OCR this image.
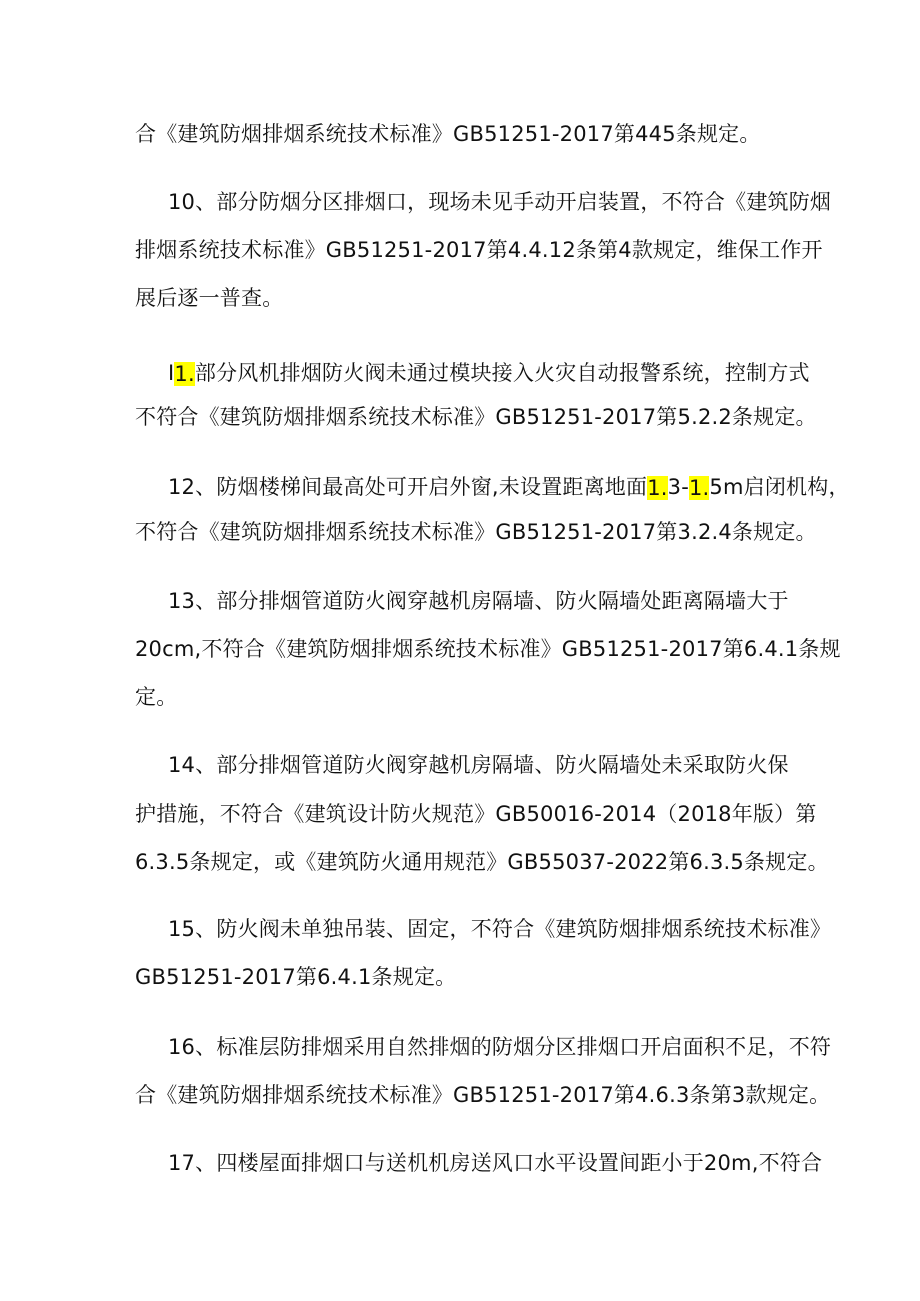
合《建筑防烟排烟系统技术标准》GB51251-2017第445条规定。
10、部分防烟分区排烟口，现场未见手动开启装置，不符合《建筑防烟
排烟系统技术标准》GB51251-2017第4.4.12条第4款规定，维保工作开
展后逐一普查。
I1.部分风机排烟防火阀未通过模块接入火灾自动报警系统，控制方式
不符合《建筑防烟排烟系统技术标准》GB51251-2017第5.2.2条规定。
12、防烟楼梯间最高处可开启外窗,未设置距离地面1.3-1.5m启闭机构，
不符合《建筑防烟排烟系统技术标准》GB51251-2017第3.2.4条规定。
13、部分排烟管道防火阀穿越机房隔墙、防火隔墙处距离隔墙大于
20cm,不符合《建筑防烟排烟系统技术标准》GB51251-2017第6.4.1条规
定。
14、部分排烟管道防火阀穿越机房隔墙、防火隔墙处未采取防火保
护措施，不符合《建筑设计防火规范》GB50016-2014（2018年版）第
6.3.5条规定，或《建筑防火通用规范》GB55037-2022第6.3.5条规定。
15、防火阀未单独吊装、固定，不符合《建筑防烟排烟系统技术标准》
GB51251-2017第6.4.1条规定。
16、标准层防排烟采用自然排烟的防烟分区排烟口开启面积不足，不符
合《建筑防烟排烟系统技术标准》GB51251-2017第4.6.3条第3款规定。
17、四楼屋面排烟口与送机机房送风口水平设置间距小于20m,不符合
